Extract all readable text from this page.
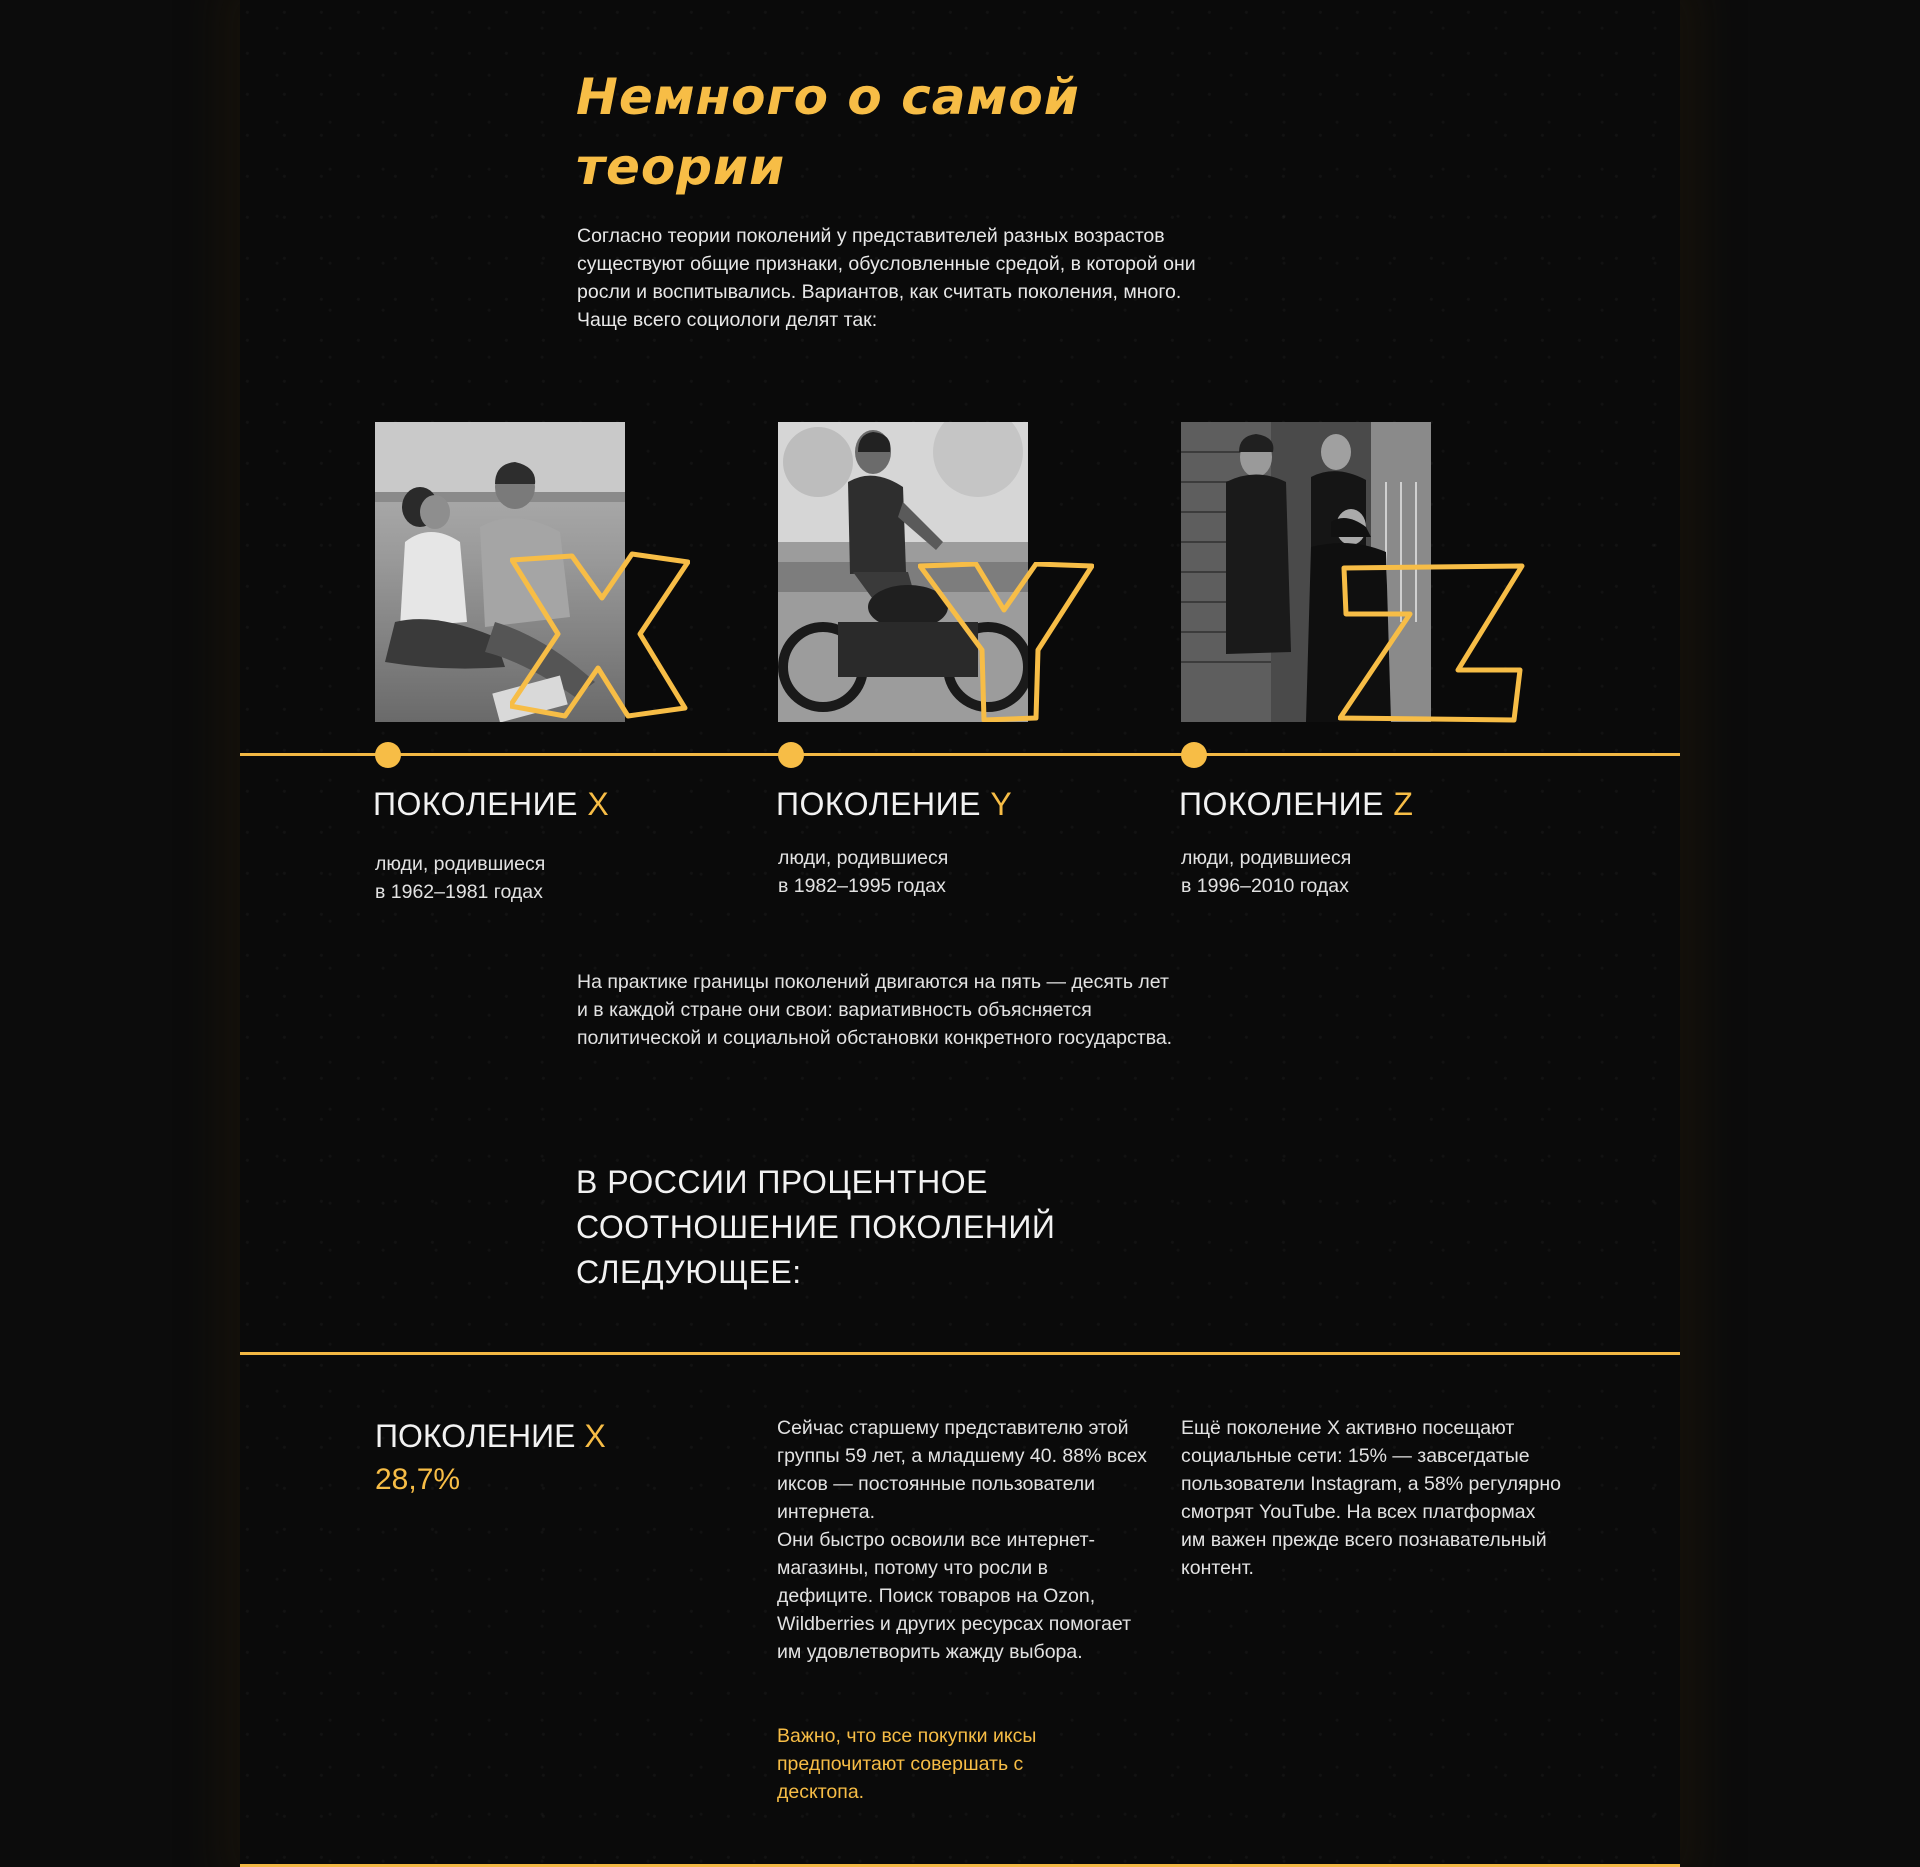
Немного о самой теории

Согласно теории поколений у представителей разных возрастов существуют общие признаки, обусловленные средой, в которой они росли и воспитывались. Вариантов, как считать поколения, много. Чаще всего социологи делят так:

ПОКОЛЕНИЕ X

люди, родившиеся

в 1962–1981 годах

ПОКОЛЕНИЕ Y

люди, родившиеся

в 1982–1995 годах

ПОКОЛЕНИЕ Z

люди, родившиеся

в 1996–2010 годах

На практике границы поколений двигаются на пять — десять лет и в каждой стране они свои: вариативность объясняется политической и социальной обстановки конкретного государства.

В РОССИИ ПРОЦЕНТНОЕ СООТНОШЕНИЕ ПОКОЛЕНИЙ СЛЕДУЮЩЕЕ:
ПОКОЛЕНИЕ X
28,7%

Сейчас старшему представителю этой группы 59 лет, а младшему 40. 88% всех иксов — постоянные пользователи интернета.

Они быстро освоили все интернет-магазины, потому что росли в дефиците. Поиск товаров на Ozon, Wildberries и других ресурсах помогает им удовлетворить жажду выбора.

Важно, что все покупки иксы предпочитают совершать с десктопа.

Ещё поколение X активно посещают социальные сети: 15% — завсегдатые пользователи Instagram, а 58% регулярно смотрят YouTube. На всех платформах им важен прежде всего познавательный контент.
